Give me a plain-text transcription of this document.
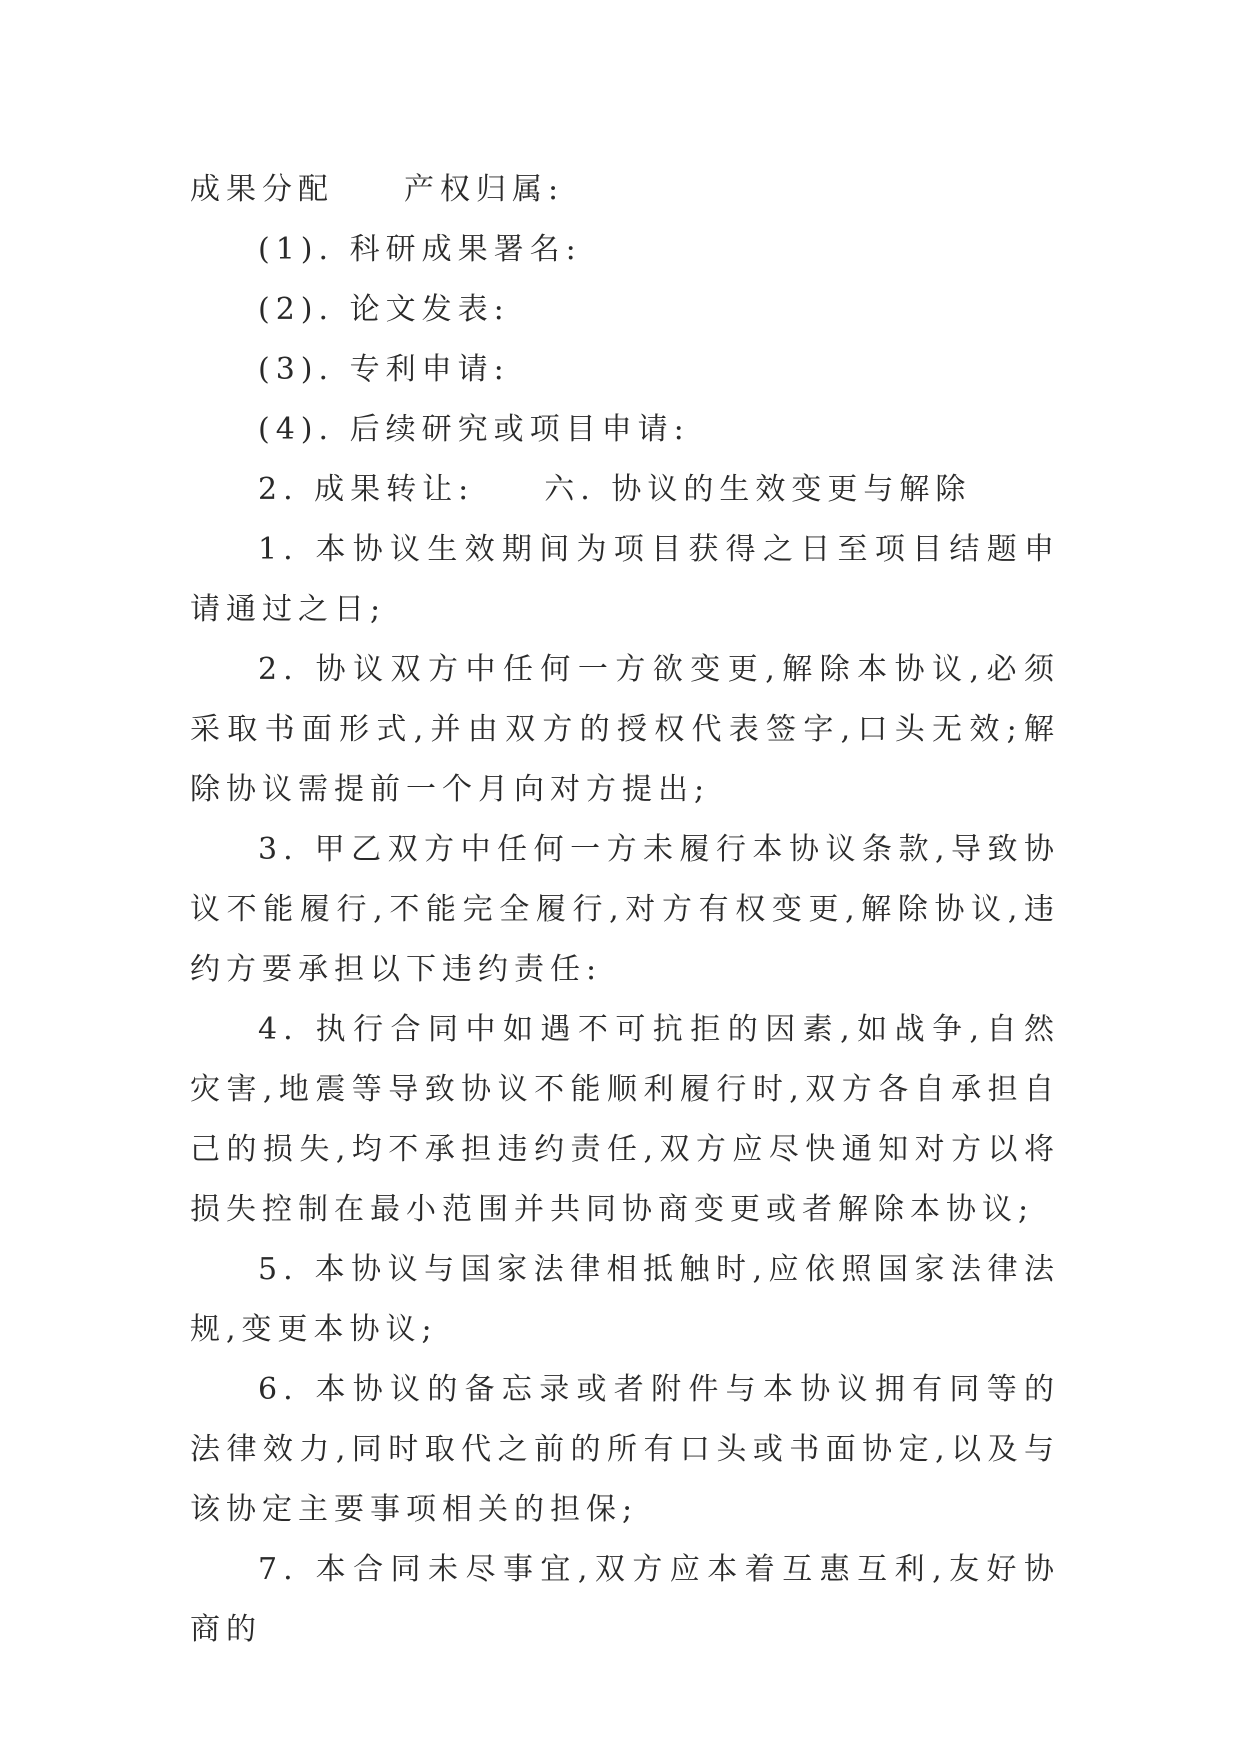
成果分配 产权归属:
(1). 科研成果署名:
(2). 论文发表:
(3). 专利申请:
(4). 后续研究或项目申请:
2. 成果转让: 六. 协议的生效变更与解除

1. 本协议生效期间为项目获得之日至项目结题申请通过之日;

2. 协议双方中任何一方欲变更,解除本协议,必须采取书面形式,并由双方的授权代表签字,口头无效;解除协议需提前一个月向对方提出;

3. 甲乙双方中任何一方未履行本协议条款,导致协议不能履行,不能完全履行,对方有权变更,解除协议,违约方要承担以下违约责任:

4. 执行合同中如遇不可抗拒的因素,如战争,自然灾害,地震等导致协议不能顺利履行时,双方各自承担自己的损失,均不承担违约责任,双方应尽快通知对方以将损失控制在最小范围并共同协商变更或者解除本协议;

5. 本协议与国家法律相抵触时,应依照国家法律法规,变更本协议;

6. 本协议的备忘录或者附件与本协议拥有同等的法律效力,同时取代之前的所有口头或书面协定,以及与该协定主要事项相关的担保;

7. 本合同未尽事宜,双方应本着互惠互利,友好协商的
